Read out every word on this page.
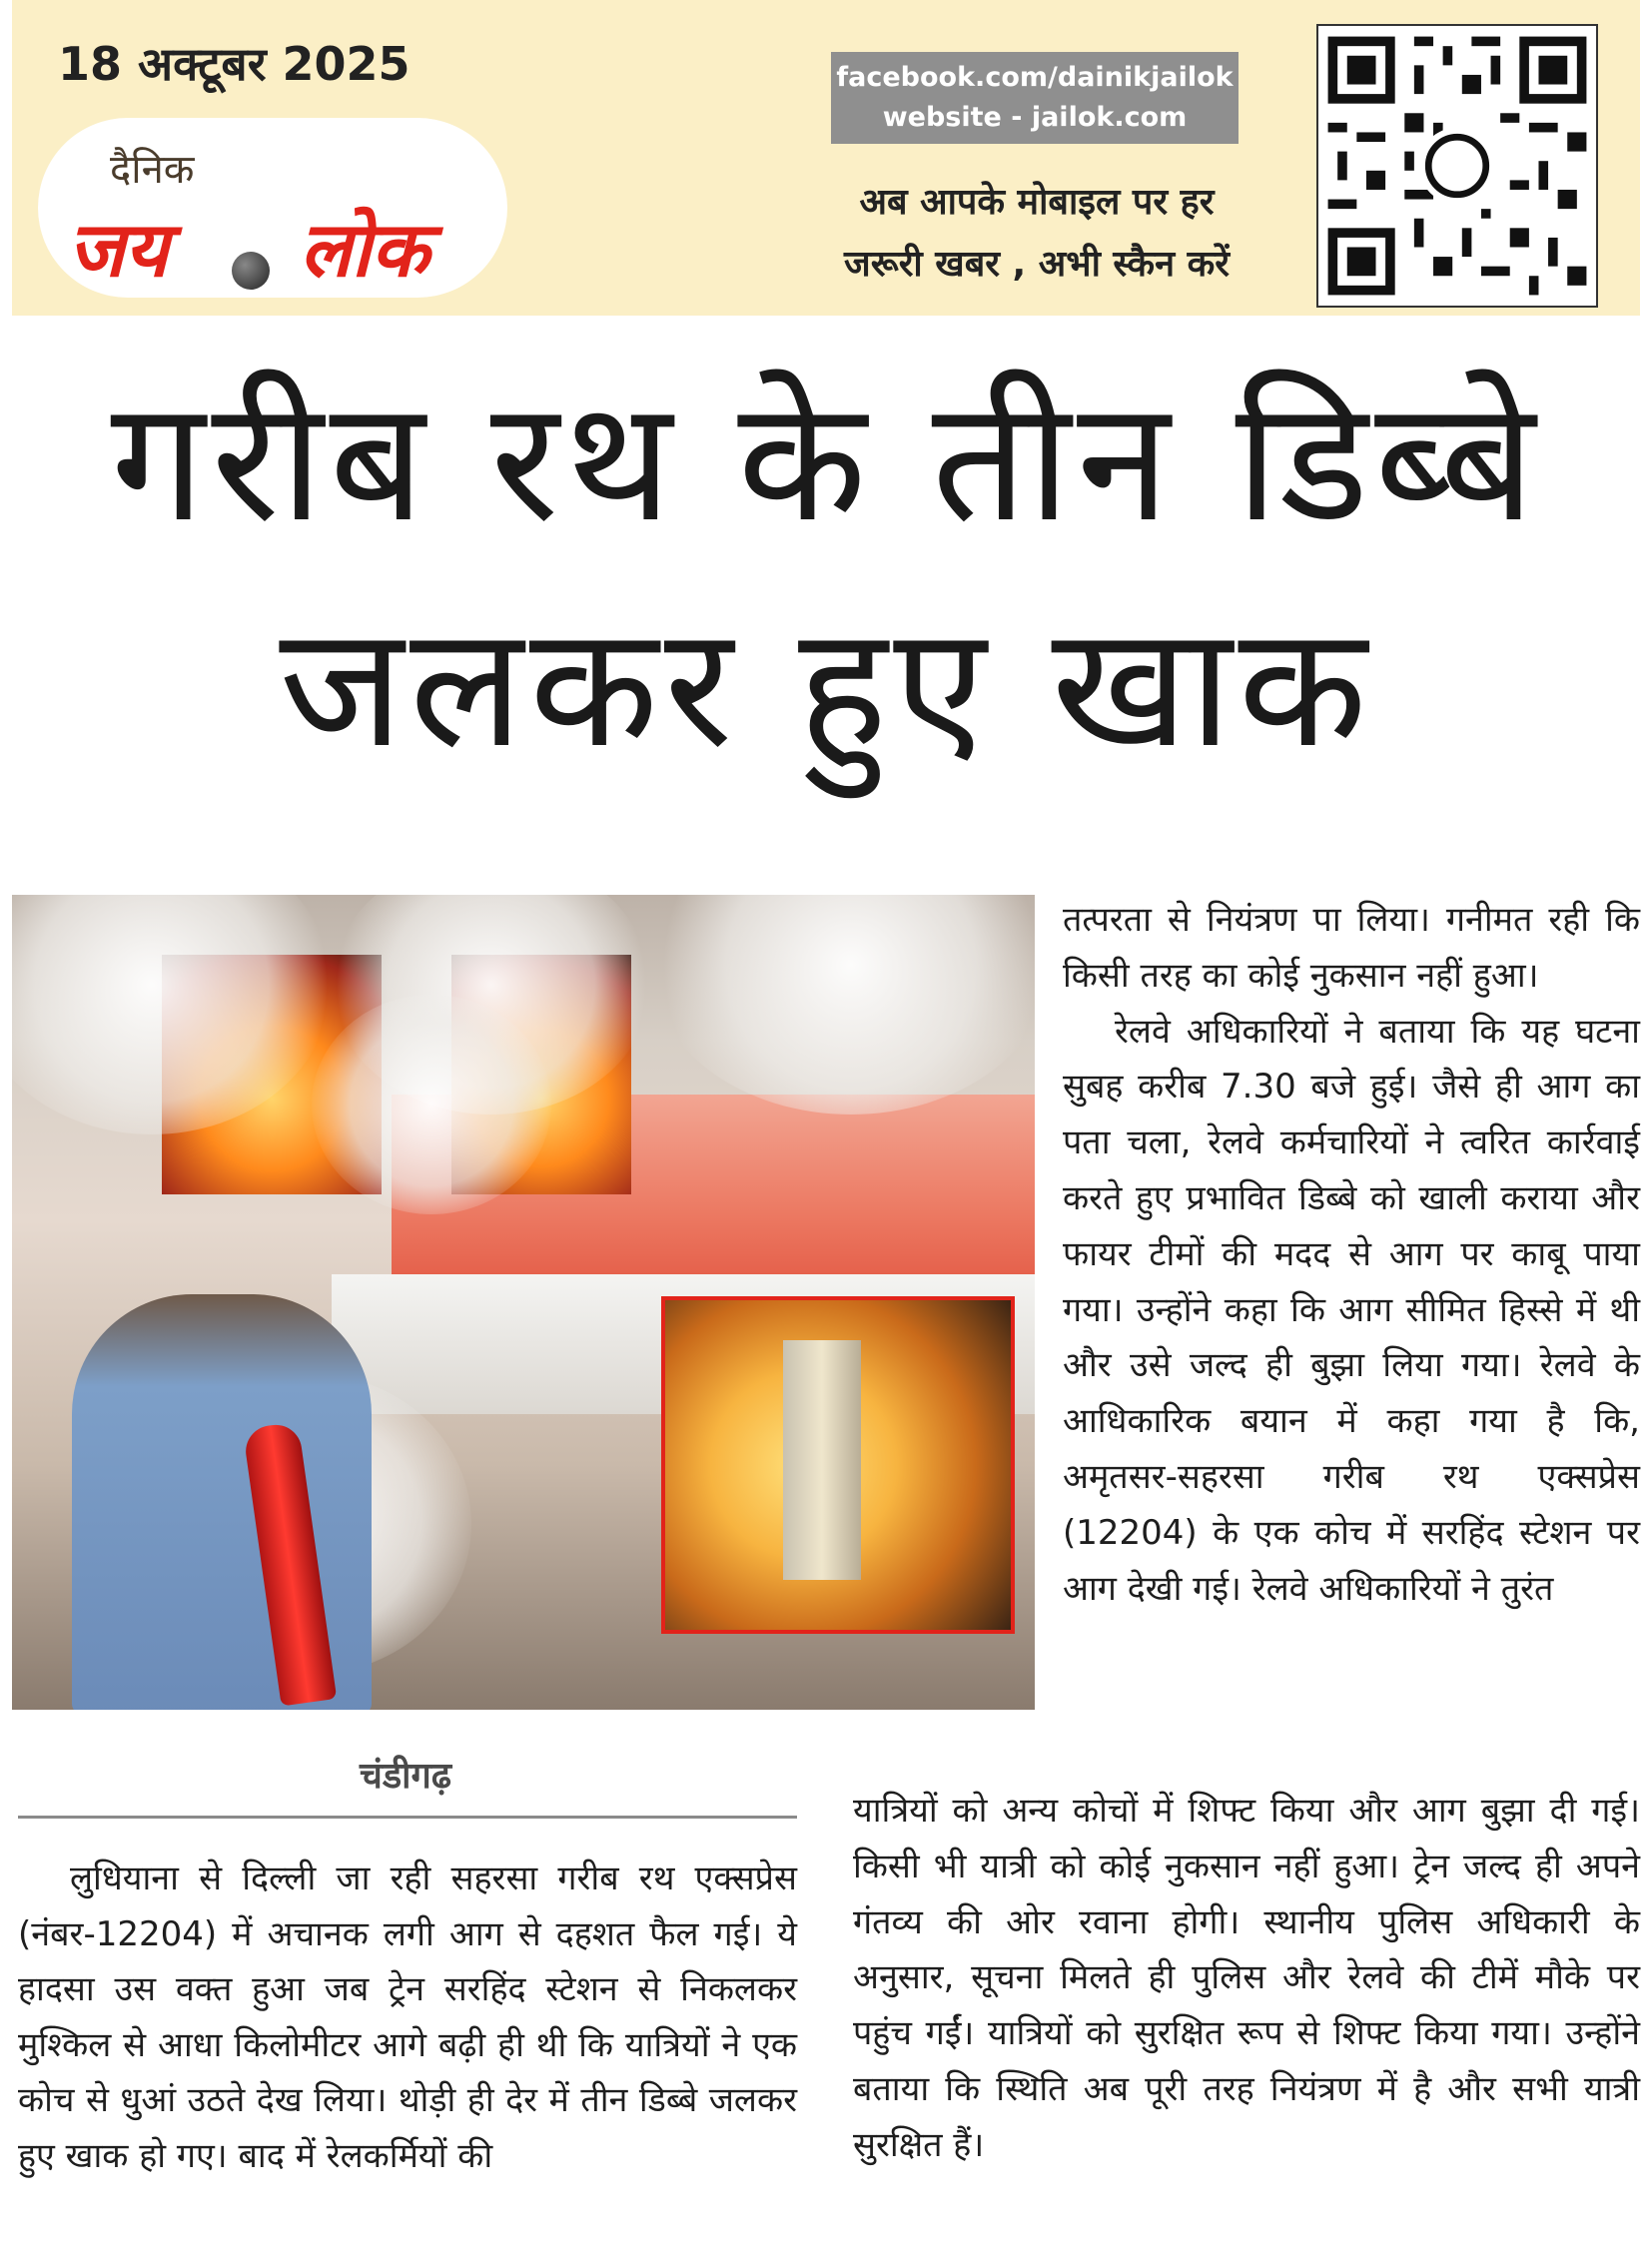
18 अक्टूबर 2025
दैनिक
जय लोक
facebook.com/dainikjailok
website - jailok.com
अब आपके मोबाइल पर हर
जरूरी खबर , अभी स्कैन करें
गरीब रथ के तीन डिब्बे
जलकर हुए खाक

तत्परता से नियंत्रण पा लिया। गनीमत रही कि किसी तरह का कोई नुकसान नहीं हुआ।

रेलवे अधिकारियों ने बताया कि यह घटना सुबह करीब 7.30 बजे हुई। जैसे ही आग का पता चला, रेलवे कर्मचारियों ने त्वरित कार्रवाई करते हुए प्रभावित डिब्बे को खाली कराया और फायर टीमों की मदद से आग पर काबू पाया गया। उन्होंने कहा कि आग सीमित हिस्से में थी और उसे जल्द ही बुझा लिया गया। रेलवे के आधिकारिक बयान में कहा गया है कि, अमृतसर-सहरसा गरीब रथ एक्सप्रेस (12204) के एक कोच में सरहिंद स्टेशन पर आग देखी गई। रेलवे अधिकारियों ने तुरंत

चंडीगढ़

लुधियाना से दिल्ली जा रही सहरसा गरीब रथ एक्सप्रेस (नंबर-12204) में अचानक लगी आग से दहशत फैल गई। ये हादसा उस वक्त हुआ जब ट्रेन सरहिंद स्टेशन से निकलकर मुश्किल से आधा किलोमीटर आगे बढ़ी ही थी कि यात्रियों ने एक कोच से धुआं उठते देख लिया। थोड़ी ही देर में तीन डिब्बे जलकर हुए खाक हो गए। बाद में रेलकर्मियों की

यात्रियों को अन्य कोचों में शिफ्ट किया और आग बुझा दी गई। किसी भी यात्री को कोई नुकसान नहीं हुआ। ट्रेन जल्द ही अपने गंतव्य की ओर रवाना होगी। स्थानीय पुलिस अधिकारी के अनुसार, सूचना मिलते ही पुलिस और रेलवे की टीमें मौके पर पहुंच गईं। यात्रियों को सुरक्षित रूप से शिफ्ट किया गया। उन्होंने बताया कि स्थिति अब पूरी तरह नियंत्रण में है और सभी यात्री सुरक्षित हैं।
